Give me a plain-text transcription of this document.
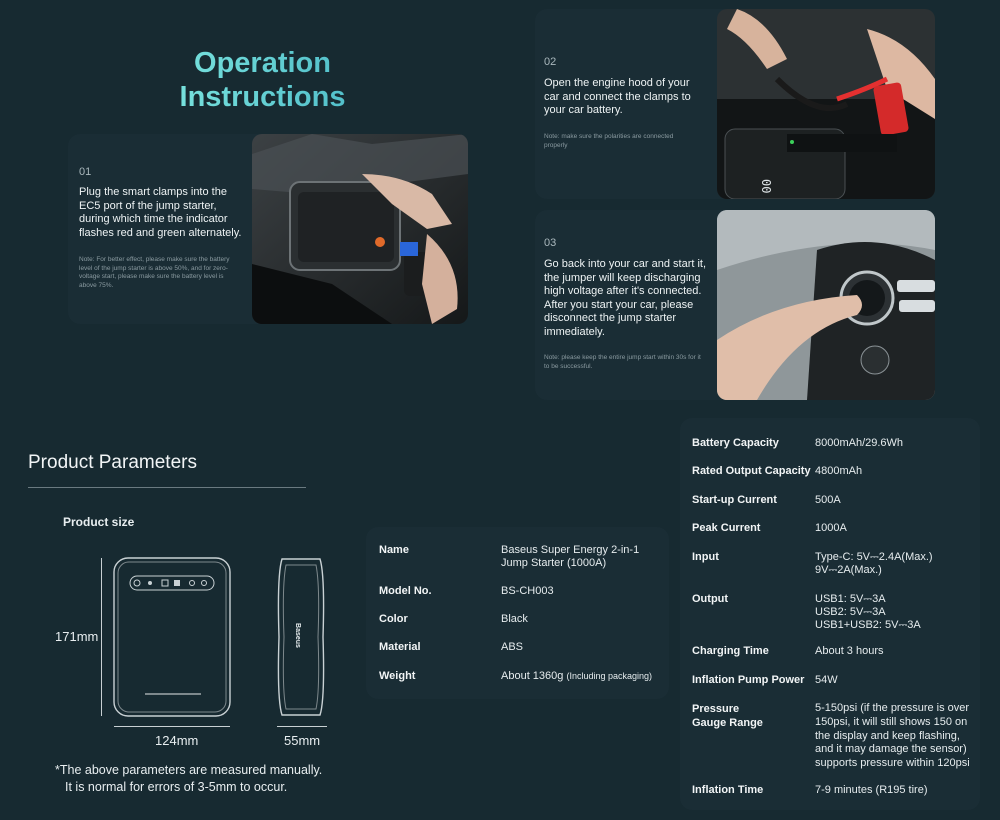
Operation
Instructions
01
Plug the smart clamps into the EC5 port of the jump starter, during which time the indicator flashes red and green alternately.
Note: For better effect, please make sure the battery level of the jump starter is above 50%, and for zero-voltage start, please make sure the battery level is above 75%.
02
Open the engine hood of your car and connect the clamps to your car battery.
Note: make sure the polarities are connected properly
00
03
Go back into your car and start it, the jumper will keep discharging high voltage after it's connected. After you start your car, please disconnect the jump starter immediately.
Note: please keep the entire jump start within 30s for it to be successful.
Product Parameters
Product size
171mm	Baseus
124mm	55mm
*The above parameters are measured manually.
It is normal for errors of 3-5mm to occur.
Name	Baseus Super Energy 2-in-1 Jump Starter (1000A)
Model No.	BS-CH003
Color	Black
Material	ABS
Weight	About 1360g (Including packaging)
Battery Capacity	8000mAh/29.6Wh
Rated Output Capacity 4800mAh
Start-up Current	500A
Peak Current	1000A
Input	Type-C: 5V⎓2.4A(Max.)
9V⎓2A(Max.)
Output	USB1: 5V⎓3A
USB2: 5V⎓3A
USB1+USB2: 5V⎓3A
Charging Time	About 3 hours
Inflation Pump Power 54W
Pressure
Gauge Range
5-150psi (if the pressure is over 150psi, it will still shows 150 on the display and keep flashing, and it may damage the sensor) supports pressure within 120psi
Inflation Time	7-9 minutes (R195 tire)
